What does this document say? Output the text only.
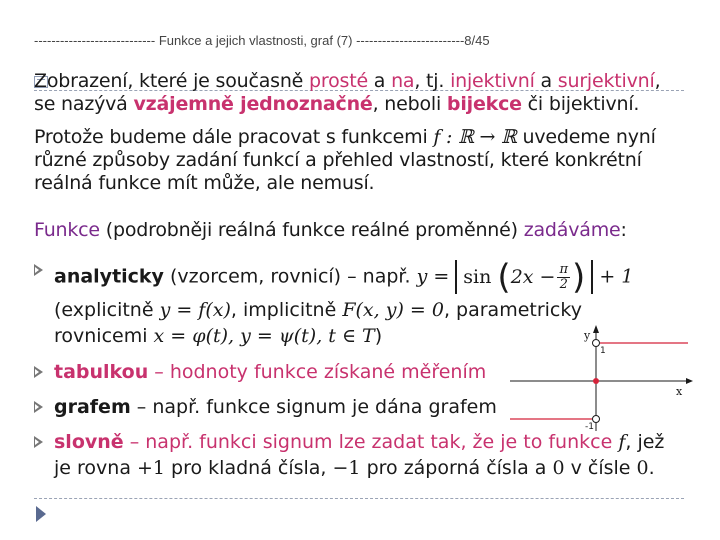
---------------------------- Funkce a jejich vlastnosti, graf (7) -------------------------8/45
Zobrazení, které je současně prosté a na, tj. injektivní a surjektivní,
se nazývá vzájemně jednoznačné, neboli bijekce či bijektivní.
Protože budeme dále pracovat s funkcemi f : ℝ → ℝ uvedeme nyní
různé způsoby zadání funkcí a přehled vlastností, které konkrétní
reálná funkce mít může, ale nemusí.
Funkce (podrobněji reálná funkce reálné proměnné) zadáváme:
analyticky (vzorcem, rovnicí) – např. $y = \sin (2x - \frac{\pi}{2}$ ) + 1
(explicitně y = f(x), implicitně F(x, y) = 0, parametricky
rovnicemi x = φ(t), y = ψ(t), t ∈ T)
tabulkou – hodnoty funkce získané měřením
grafem – např. funkce signum je dána grafem
slovně – např. funkci signum lze zadat tak, že je to funkce f, jež
je rovna +1 pro kladná čísla, −1 pro záporná čísla a 0 v čísle 0.
y
x
1
-1
